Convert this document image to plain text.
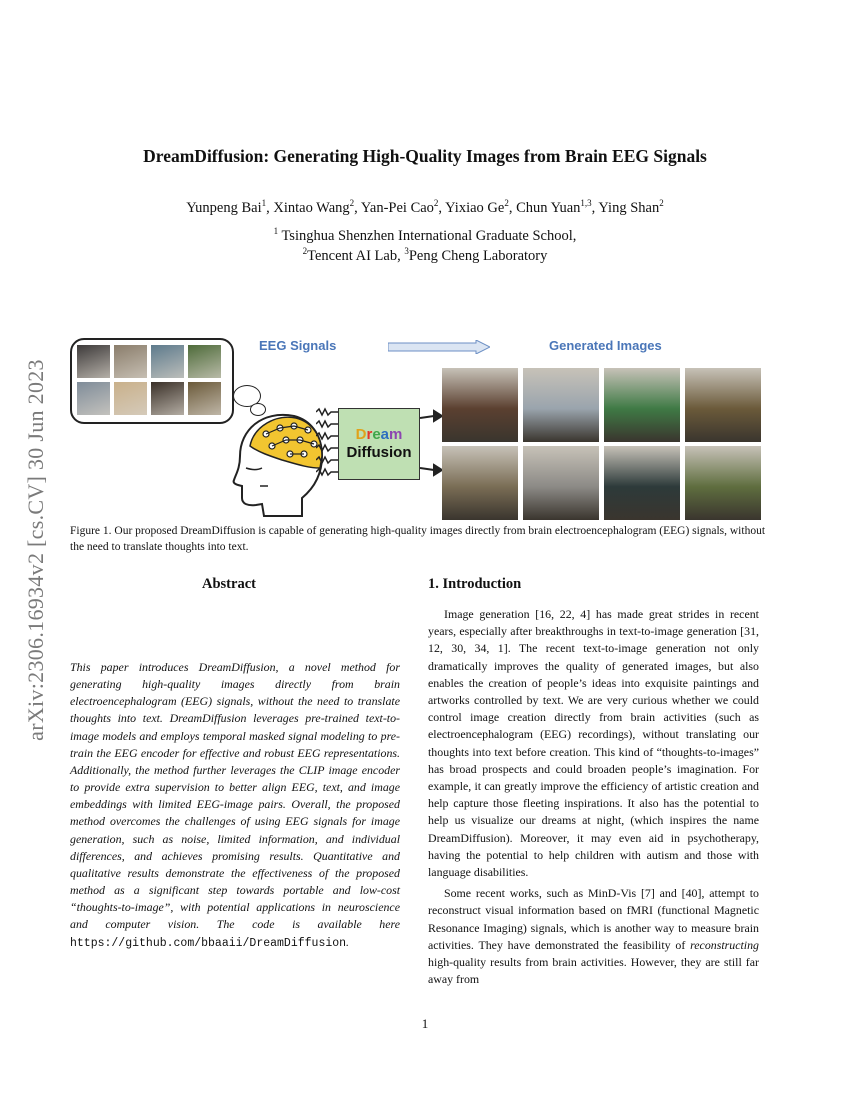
arXiv:2306.16934v2 [cs.CV] 30 Jun 2023
DreamDiffusion: Generating High-Quality Images from Brain EEG Signals
Yunpeng Bai$^1$, Xintao Wang$^2$, Yan-Pei Cao$^2$, Yixiao Ge$^2$, Chun Yuan$^{1,3}$, Ying Shan$^2$
$^1$ Tsinghua Shenzhen International Graduate School,
$^2$Tencent AI Lab, $^3$Peng Cheng Laboratory
EEG Signals	Generated Images
Dream
Diffusion
Figure 1. Our proposed DreamDiffusion is capable of generating high-quality images directly from brain electroencephalogram (EEG) signals, without the need to translate thoughts into text.
Abstract
This paper introduces DreamDiffusion, a novel method for generating high-quality images directly from brain electroencephalogram (EEG) signals, without the need to translate thoughts into text. DreamDiffusion leverages pre-trained text-to-image models and employs temporal masked signal modeling to pre-train the EEG encoder for effective and robust EEG representations. Additionally, the method further leverages the CLIP image encoder to provide extra supervision to better align EEG, text, and image embeddings with limited EEG-image pairs. Overall, the proposed method overcomes the challenges of using EEG signals for image generation, such as noise, limited information, and individual differences, and achieves promising results. Quantitative and qualitative results demonstrate the effectiveness of the proposed method as a significant step towards portable and low-cost “thoughts-to-image”, with potential applications in neuroscience and computer vision. The code is available here https://github.com/bbaaii/DreamDiffusion.
1. Introduction

Image generation [16, 22, 4] has made great strides in recent years, especially after breakthroughs in text-to-image generation [31, 12, 30, 34, 1]. The recent text-to-image generation not only dramatically improves the quality of generated images, but also enables the creation of people’s ideas into exquisite paintings and artworks controlled by text. We are very curious whether we could control image creation directly from brain activities (such as electroencephalogram (EEG) recordings), without translating our thoughts into text before creation. This kind of “thoughts-to-images” has broad prospects and could broaden people’s imagination. For example, it can greatly improve the efficiency of artistic creation and help capture those fleeting inspirations. It also has the potential to help us visualize our dreams at night, (which inspires the name DreamDiffusion). Moreover, it may even aid in psychotherapy, having the potential to help children with autism and those with language disabilities.

Some recent works, such as MinD-Vis [7] and [40], attempt to reconstruct visual information based on fMRI (functional Magnetic Resonance Imaging) signals, which is another way to measure brain activities. They have demonstrated the feasibility of reconstructing high-quality results from brain activities. However, they are still far away from

1
